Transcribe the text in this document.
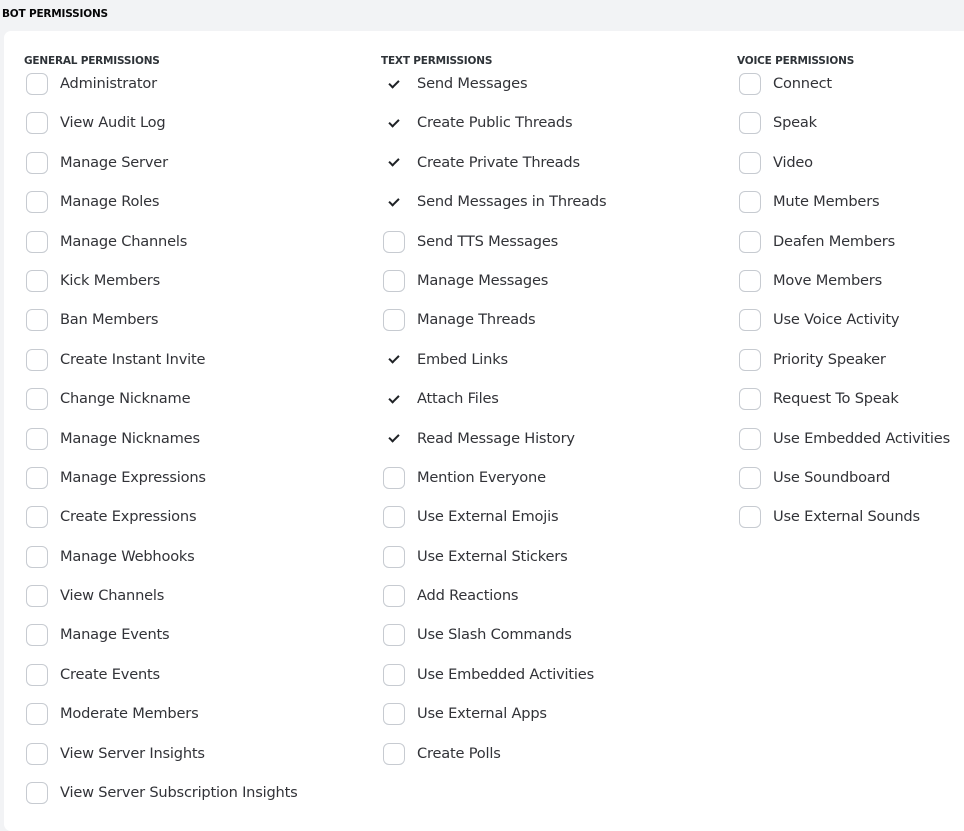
BOT PERMISSIONS
GENERAL PERMISSIONS
Administrator
View Audit Log
Manage Server
Manage Roles
Manage Channels
Kick Members
Ban Members
Create Instant Invite
Change Nickname
Manage Nicknames
Manage Expressions
Create Expressions
Manage Webhooks
View Channels
Manage Events
Create Events
Moderate Members
View Server Insights
View Server Subscription Insights
TEXT PERMISSIONS
Send Messages
Create Public Threads
Create Private Threads
Send Messages in Threads
Send TTS Messages
Manage Messages
Manage Threads
Embed Links
Attach Files
Read Message History
Mention Everyone
Use External Emojis
Use External Stickers
Add Reactions
Use Slash Commands
Use Embedded Activities
Use External Apps
Create Polls
VOICE PERMISSIONS
Connect
Speak
Video
Mute Members
Deafen Members
Move Members
Use Voice Activity
Priority Speaker
Request To Speak
Use Embedded Activities
Use Soundboard
Use External Sounds
